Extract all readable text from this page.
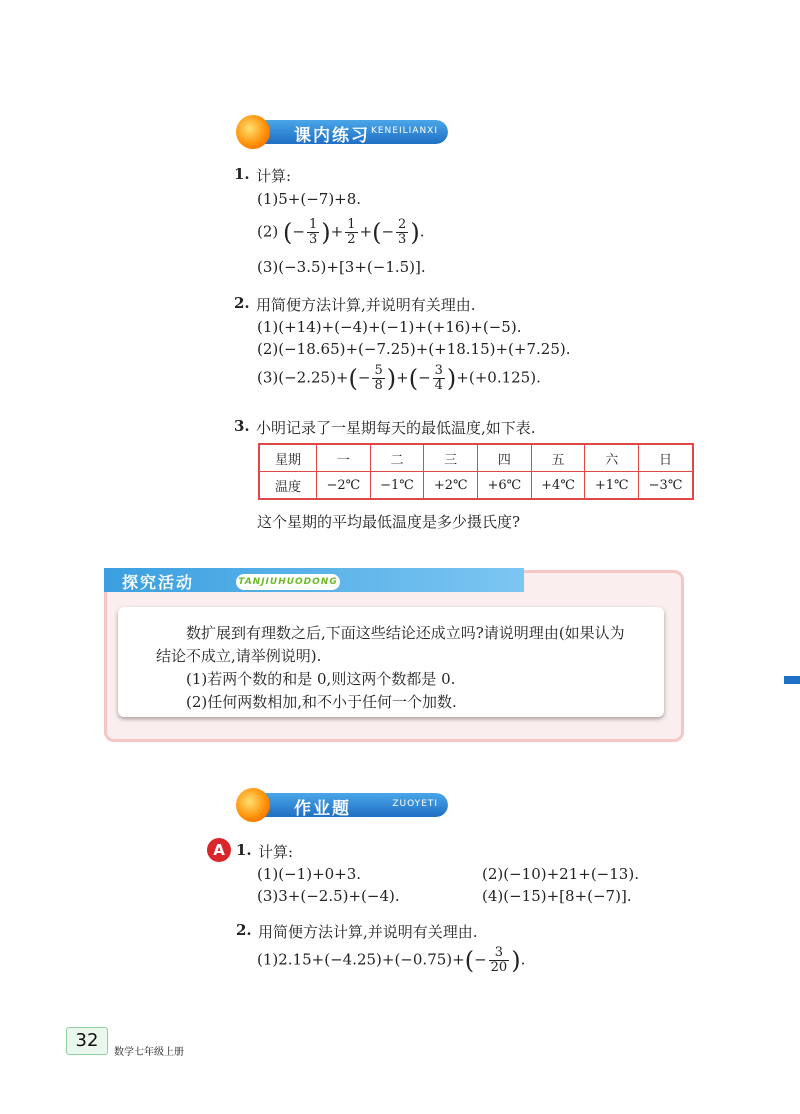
课内练习 KENEILIANXI
1. 计算:
(1)5+(−7)+8.
(2) (− $\frac{1}{3}$ )+ $\frac{1}{2}$ +(− $\frac{2}{3}$ ).
(3)(−3.5)+[3+(−1.5)].
2. 用简便方法计算,并说明有关理由.
(1)(+14)+(−4)+(−1)+(+16)+(−5).
(2)(−18.65)+(−7.25)+(+18.15)+(+7.25).
$(3)(-2.25)+(- \frac{5}{8}$ )+(− $\frac{3}{4} )+(+0.125)$.
3. 小明记录了一星期每天的最低温度,如下表.
星期	一	二	三	四	五	六	日
温度	−2℃	−1℃	+2℃	+6℃	+4℃	+1℃	−3℃
这个星期的平均最低温度是多少摄氏度?
探究活动	TANJIUHUODONG
数扩展到有理数之后,下面这些结论还成立吗?请说明理由(如果认为
结论不成立,请举例说明).
(1)若两个数的和是 0,则这两个数都是 0.
(2)任何两数相加,和不小于任何一个加数.
作业题	ZUOYETI
A 1. 计算:
(1)(−1)+0+3.	(2)(−10)+21+(−13).
(3)3+(−2.5)+(−4).	(4)(−15)+[8+(−7)].
2. 用简便方法计算,并说明有关理由.
$(1)2.15+(-4.25)+(-0.75)+(- \frac{3}{20}$ ).
32
数学七年级上册
